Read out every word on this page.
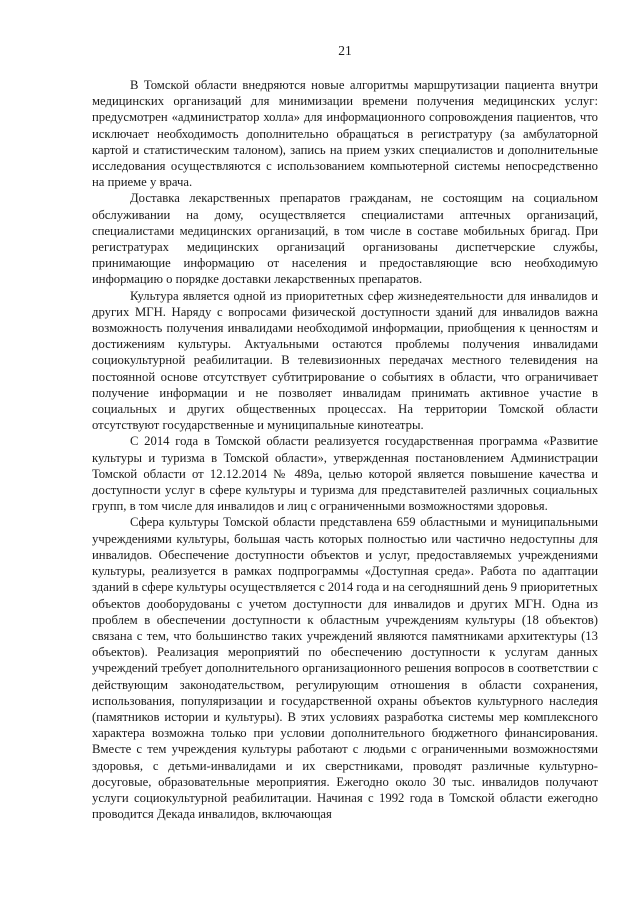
21

В Томской области внедряются новые алгоритмы маршрутизации пациента внутри медицинских организаций для минимизации времени получения медицинских услуг: предусмотрен «администратор холла» для информационного сопровождения пациентов, что исключает необходимость дополнительно обращаться в регистратуру (за амбулаторной картой и статистическим талоном), запись на прием узких специалистов и дополнительные исследования осуществляются с использованием компьютерной системы непосредственно на приеме у врача.

Доставка лекарственных препаратов гражданам, не состоящим на социальном обслуживании на дому, осуществляется специалистами аптечных организаций, специалистами медицинских организаций, в том числе в составе мобильных бригад. При регистратурах медицинских организаций организованы диспетчерские службы, принимающие информацию от населения и предоставляющие всю необходимую информацию о порядке доставки лекарственных препаратов.

Культура является одной из приоритетных сфер жизнедеятельности для инвалидов и других МГН. Наряду с вопросами физической доступности зданий для инвалидов важна возможность получения инвалидами необходимой информации, приобщения к ценностям и достижениям культуры. Актуальными остаются проблемы получения инвалидами социокультурной реабилитации. В телевизионных передачах местного телевидения на постоянной основе отсутствует субтитрирование о событиях в области, что ограничивает получение информации и не позволяет инвалидам принимать активное участие в социальных и других общественных процессах. На территории Томской области отсутствуют государственные и муниципальные кинотеатры.

С 2014 года в Томской области реализуется государственная программа «Развитие культуры и туризма в Томской области», утвержденная постановлением Администрации Томской области от 12.12.2014 № 489а, целью которой является повышение качества и доступности услуг в сфере культуры и туризма для представителей различных социальных групп, в том числе для инвалидов и лиц с ограниченными возможностями здоровья.

Сфера культуры Томской области представлена 659 областными и муниципальными учреждениями культуры, большая часть которых полностью или частично недоступны для инвалидов. Обеспечение доступности объектов и услуг, предоставляемых учреждениями культуры, реализуется в рамках подпрограммы «Доступная среда». Работа по адаптации зданий в сфере культуры осуществляется с 2014 года и на сегодняшний день 9 приоритетных объектов дооборудованы с учетом доступности для инвалидов и других МГН. Одна из проблем в обеспечении доступности к областным учреждениям культуры (18 объектов) связана с тем, что большинство таких учреждений являются памятниками архитектуры (13 объектов). Реализация мероприятий по обеспечению доступности к услугам данных учреждений требует дополнительного организационного решения вопросов в соответствии с действующим законодательством, регулирующим отношения в области сохранения, использования, популяризации и государственной охраны объектов культурного наследия (памятников истории и культуры). В этих условиях разработка системы мер комплексного характера возможна только при условии дополнительного бюджетного финансирования. Вместе с тем учреждения культуры работают с людьми с ограниченными возможностями здоровья, с детьми-инвалидами и их сверстниками, проводят различные культурно-досуговые, образовательные мероприятия. Ежегодно около 30 тыс. инвалидов получают услуги социокультурной реабилитации. Начиная с 1992 года в Томской области ежегодно проводится Декада инвалидов, включающая
